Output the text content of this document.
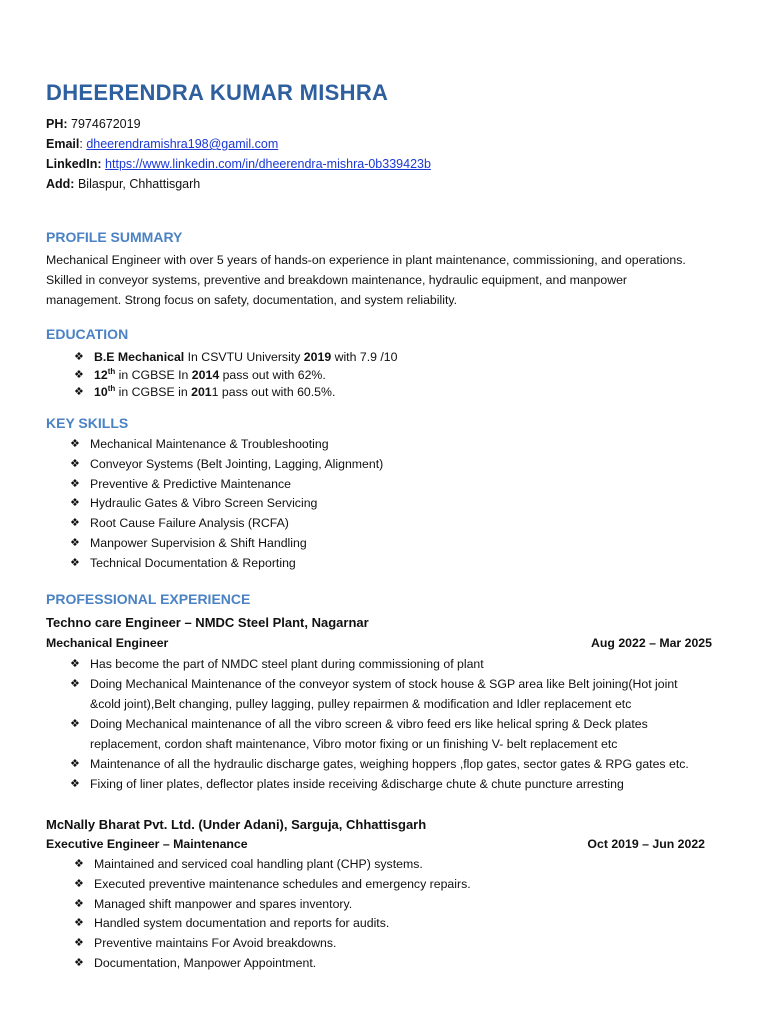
DHEERENDRA KUMAR MISHRA
PH: 7974672019
Email: dheerendramishra198@gamil.com
LinkedIn: https://www.linkedin.com/in/dheerendra-mishra-0b339423b
Add: Bilaspur, Chhattisgarh
PROFILE SUMMARY
Mechanical Engineer with over 5 years of hands-on experience in plant maintenance, commissioning, and operations.
Skilled in conveyor systems, preventive and breakdown maintenance, hydraulic equipment, and manpower
management. Strong focus on safety, documentation, and system reliability.
EDUCATION
❖ B.E Mechanical In CSVTU University 2019 with 7.9 /10
❖ 12th in CGBSE In 2014 pass out with 62%.
❖ 10th in CGBSE in 2011 pass out with 60.5%.
KEY SKILLS
❖ Mechanical Maintenance & Troubleshooting
❖ Conveyor Systems (Belt Jointing, Lagging, Alignment)
❖ Preventive & Predictive Maintenance
❖ Hydraulic Gates & Vibro Screen Servicing
❖ Root Cause Failure Analysis (RCFA)
❖ Manpower Supervision & Shift Handling
❖ Technical Documentation & Reporting
PROFESSIONAL EXPERIENCE
Techno care Engineer – NMDC Steel Plant, Nagarnar
Mechanical Engineer	Aug 2022 – Mar 2025
❖ Has become the part of NMDC steel plant during commissioning of plant
❖ Doing Mechanical Maintenance of the conveyor system of stock house & SGP area like Belt joining(Hot joint
&cold joint),Belt changing, pulley lagging, pulley repairmen & modification and Idler replacement etc
❖ Doing Mechanical maintenance of all the vibro screen & vibro feed ers like helical spring & Deck plates
replacement, cordon shaft maintenance, Vibro motor fixing or un finishing V- belt replacement etc
❖ Maintenance of all the hydraulic discharge gates, weighing hoppers ,flop gates, sector gates & RPG gates etc.
❖ Fixing of liner plates, deflector plates inside receiving &discharge chute & chute puncture arresting
McNally Bharat Pvt. Ltd. (Under Adani), Sarguja, Chhattisgarh
Executive Engineer – Maintenance	Oct 2019 – Jun 2022
❖ Maintained and serviced coal handling plant (CHP) systems.
❖ Executed preventive maintenance schedules and emergency repairs.
❖ Managed shift manpower and spares inventory.
❖ Handled system documentation and reports for audits.
❖ Preventive maintains For Avoid breakdowns.
❖ Documentation, Manpower Appointment.
